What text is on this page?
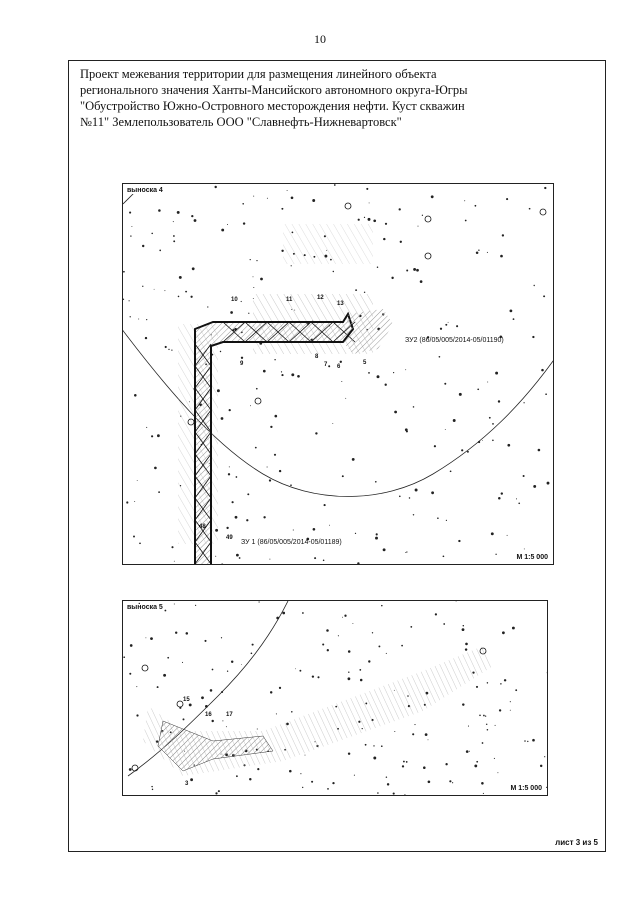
10
Проект межевания территории для размещения линейного объекта
регионального значения Ханты-Мансийского автономного округа-Югры
"Обустройство Южно-Островного месторождения нефти. Куст скважин
№11" Землепользователь ООО "Славнефть-Нижневартовск"
выноска 4
ЗУ2 (86/05/005/2014-05/01190)
ЗУ 1 (86/05/005/2014-05/01189)
10	11	12
13
9
8
7 6
5
48
49
М 1:5 000
выноска 5
15
16 17
3
М 1:5 000
лист 3 из 5
